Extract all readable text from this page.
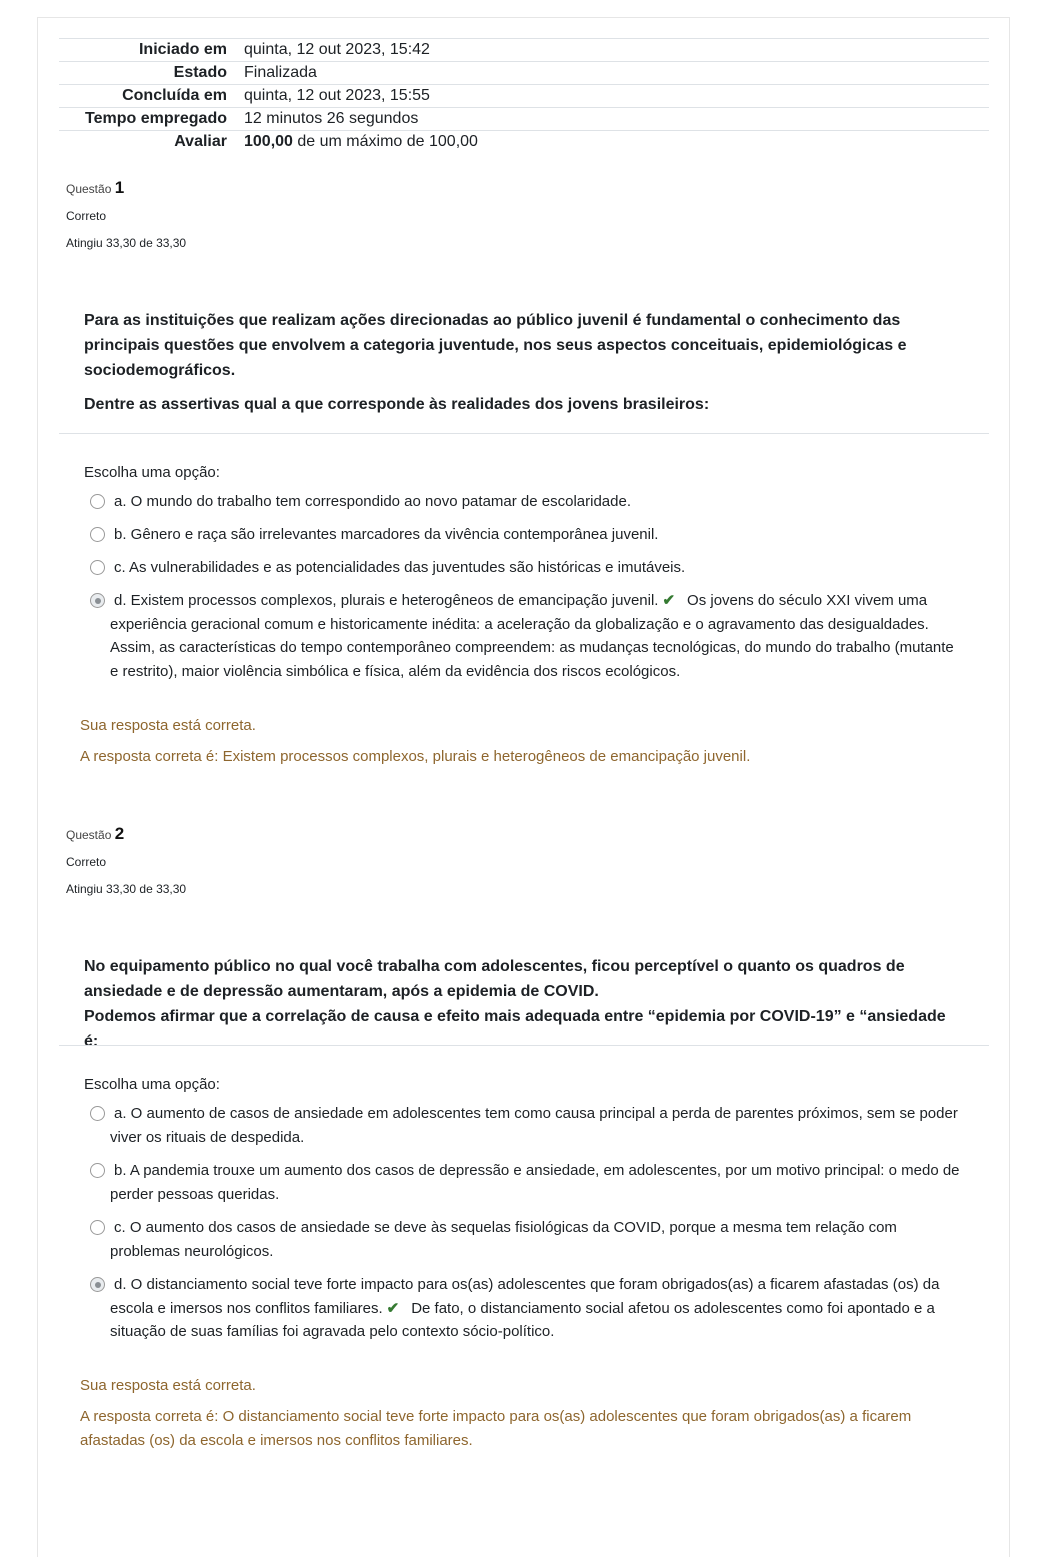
Iniciado em	quinta, 12 out 2023, 15:42
Estado	Finalizada
Concluída em	quinta, 12 out 2023, 15:55
Tempo empregado	12 minutos 26 segundos
Avaliar	100,00 de um máximo de 100,00
Questão 1
Correto
Atingiu 33,30 de 33,30

Para as instituições que realizam ações direcionadas ao público juvenil é fundamental o conhecimento das principais questões que envolvem a categoria juventude, nos seus aspectos conceituais, epidemiológicas e sociodemográficos.

Dentre as assertivas qual a que corresponde às realidades dos jovens brasileiros:

Escolha uma opção:
a. O mundo do trabalho tem correspondido ao novo patamar de escolaridade.
b. Gênero e raça são irrelevantes marcadores da vivência contemporânea juvenil.
c. As vulnerabilidades e as potencialidades das juventudes são históricas e imutáveis.
d. Existem processos complexos, plurais e heterogêneos de emancipação juvenil. ✔ Os jovens do século XXI vivem uma experiência geracional comum e historicamente inédita: a aceleração da globalização e o agravamento das desigualdades. Assim, as características do tempo contemporâneo compreendem: as mudanças tecnológicas, do mundo do trabalho (mutante e restrito), maior violência simbólica e física, além da evidência dos riscos ecológicos.
Sua resposta está correta.
A resposta correta é: Existem processos complexos, plurais e heterogêneos de emancipação juvenil.
Questão 2
Correto
Atingiu 33,30 de 33,30

No equipamento público no qual você trabalha com adolescentes, ficou perceptível o quanto os quadros de ansiedade e de depressão aumentaram, após a epidemia de COVID.

Podemos afirmar que a correlação de causa e efeito mais adequada entre “epidemia por COVID-19” e “ansiedade é:

Escolha uma opção:
a. O aumento de casos de ansiedade em adolescentes tem como causa principal a perda de parentes próximos, sem se poder viver os rituais de despedida.
b. A pandemia trouxe um aumento dos casos de depressão e ansiedade, em adolescentes, por um motivo principal: o medo de perder pessoas queridas.
c. O aumento dos casos de ansiedade se deve às sequelas fisiológicas da COVID, porque a mesma tem relação com problemas neurológicos.
d. O distanciamento social teve forte impacto para os(as) adolescentes que foram obrigados(as) a ficarem afastadas (os) da escola e imersos nos conflitos familiares. ✔ De fato, o distanciamento social afetou os adolescentes como foi apontado e a situação de suas famílias foi agravada pelo contexto sócio-político.
Sua resposta está correta.
A resposta correta é: O distanciamento social teve forte impacto para os(as) adolescentes que foram obrigados(as) a ficarem afastadas (os) da escola e imersos nos conflitos familiares.
